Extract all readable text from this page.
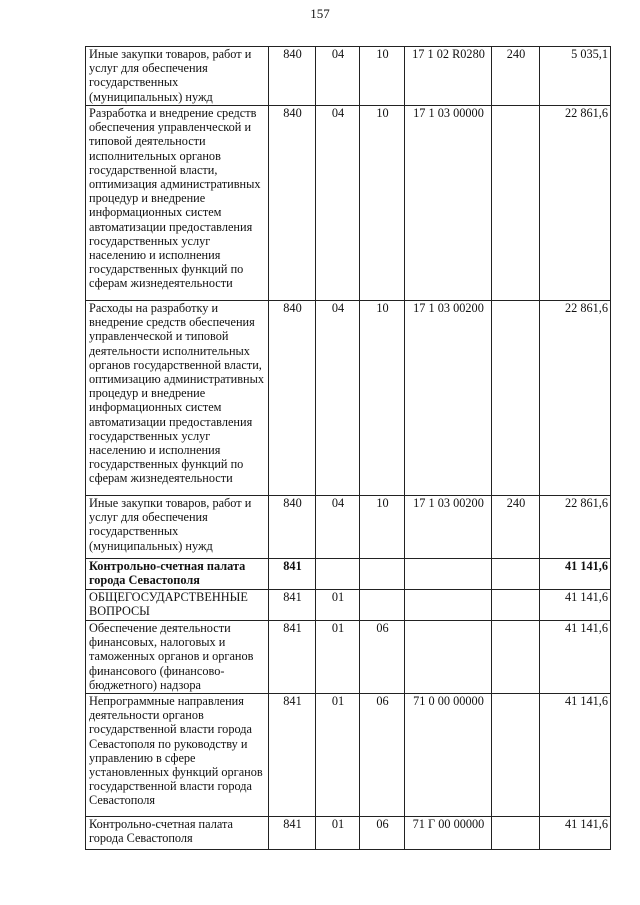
157
Иные закупки товаров, работ и услуг для обеспечения государственных (муниципальных) нужд	840	04	10	17 1 02 R0280	240	5 035,1
Разработка и внедрение средств обеспечения управленческой и типовой деятельности исполнительных органов государственной власти, оптимизация административных процедур и внедрение информационных систем автоматизации предоставления государственных услуг населению и исполнения государственных функций по сферам жизнедеятельности	840	04	10	17 1 03 00000		22 861,6
Расходы на разработку и внедрение средств обеспечения управленческой и типовой деятельности исполнительных органов государственной власти, оптимизацию административных процедур и внедрение информационных систем автоматизации предоставления государственных услуг населению и исполнения государственных функций по сферам жизнедеятельности	840	04	10	17 1 03 00200		22 861,6
Иные закупки товаров, работ и услуг для обеспечения государственных (муниципальных) нужд	840	04	10	17 1 03 00200	240	22 861,6
Контрольно-счетная палата города Севастополя	841					41 141,6
ОБЩЕГОСУДАРСТВЕННЫЕ ВОПРОСЫ	841	01				41 141,6
Обеспечение деятельности финансовых, налоговых и таможенных органов и органов финансового (финансово-бюджетного) надзора	841	01	06			41 141,6
Непрограммные направления деятельности органов государственной власти города Севастополя по руководству и управлению в сфере установленных функций органов государственной власти города Севастополя	841	01	06	71 0 00 00000		41 141,6
Контрольно-счетная палата города Севастополя	841	01	06	71 Г 00 00000		41 141,6
